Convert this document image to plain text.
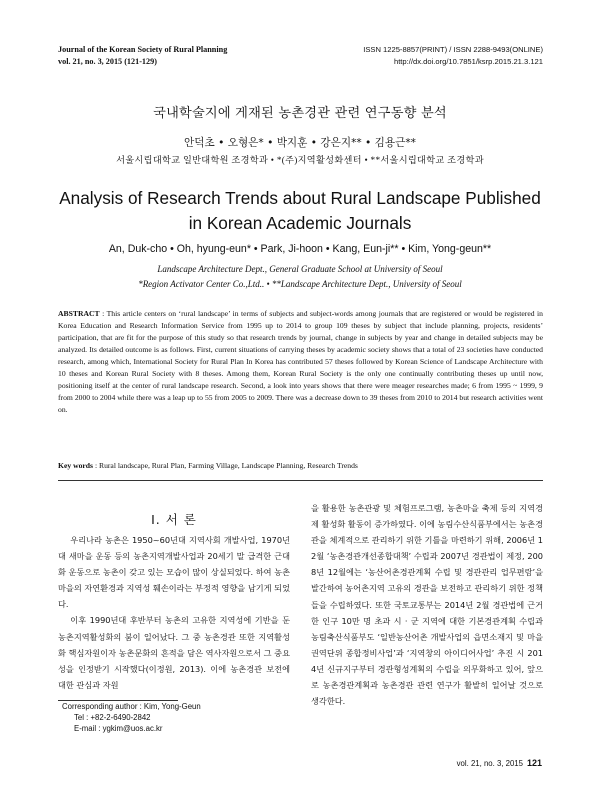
Journal of the Korean Society of Rural Planning
vol. 21, no. 3, 2015 (121-129)
ISSN 1225-8857(PRINT) / ISSN 2288-9493(ONLINE)
http://dx.doi.org/10.7851/ksrp.2015.21.3.121
국내학술지에 게재된 농촌경관 관련 연구동향 분석
안덕초 • 오형은* • 박지훈 • 강은지** • 김용근**
서울시립대학교 일반대학원 조경학과 • *(주)지역활성화센터 • **서울시립대학교 조경학과
Analysis of Research Trends about Rural Landscape Published
in Korean Academic Journals
An, Duk-cho • Oh, hyung-eun* • Park, Ji-hoon • Kang, Eun-ji** • Kim, Yong-geun**
Landscape Architecture Dept., General Graduate School at University of Seoul
*Region Activator Center Co.,Ltd.. • **Landscape Architecture Dept., University of Seoul
ABSTRACT : This article centers on ‘rural landscape’ in terms of subjects and subject-words among journals that are registered or would be registered in Korea Education and Research Information Service from 1995 up to 2014 to group 109 theses by subject that include planning, projects, residents’ participation, that are fit for the purpose of this study so that research trends by journal, change in subjects by year and change in detailed subjects may be analyzed. Its detailed outcome is as follows. First, current situations of carrying theses by academic society shows that a total of 23 societies have conducted research, among which, International Society for Rural Plan In Korea has contributed 57 theses followed by Korean Science of Landscape Architecture with 10 theses and Korean Rural Society with 8 theses. Among them, Korean Rural Society is the only one continually contributing theses up until now, positioning itself at the center of rural landscape research. Second, a look into years shows that there were meager researches made; 6 from 1995 ~ 1999, 9 from 2000 to 2004 while there was a leap up to 55 from 2005 to 2009. There was a decrease down to 39 theses from 2010 to 2014 but research activities went on.
Key words : Rural landscape, Rural Plan, Farming Village, Landscape Planning, Research Trends
I. 서 론

우리나라 농촌은 1950~60년대 지역사회 개발사업, 1970년대 새마을 운동 등의 농촌지역개발사업과 20세기 말 급격한 근대화 운동으로 농촌이 갖고 있는 모습이 많이 상실되었다. 하여 농촌마을의 자연환경과 지역성 훼손이라는 부정적 영향을 남기게 되었다.

이후 1990년대 후반부터 농촌의 고유한 지역성에 기반을 둔 농촌지역활성화의 붐이 일어났다. 그 중 농촌경관 또한 지역활성화 핵심자원이자 농촌문화의 흔적을 담은 역사자원으로서 그 중요성을 인정받기 시작했다(이정원, 2013). 이에 농촌경관 보전에 대한 관심과 자원

을 활용한 농촌관광 및 체험프로그램, 농촌마을 축제 등의 지역경제 활성화 활동이 증가하였다. 이에 농림수산식품부에서는 농촌경관을 체계적으로 관리하기 위한 기틀을 마련하기 위해, 2006년 12월 ‘농촌경관개선종합대책’ 수립과 2007년 경관법이 제정, 2008년 12월에는 ‘농산어촌경관계획 수립 및 경관관리 업무편람’을 발간하여 농어촌지역 고유의 경관을 보전하고 관리하기 위한 정책들을 수립하였다. 또한 국토교통부는 2014년 2월 경관법에 근거한 인구 10만 명 초과 시 · 군 지역에 대한 기본경관계획 수립과 농림축산식품부도 ‘일반농산어촌 개발사업의 읍면소재지 및 마을권역단위 종합정비사업’과 ‘지역창의 아이디어사업’ 추진 시 2014년 신규지구부터 경관형성계획의 수립을 의무화하고 있어, 앞으로 농촌경관계획과 농촌경관 관련 연구가 활발히 일어날 것으로 생각한다.

Corresponding author : Kim, Yong-Geun
Tel : +82-2-6490-2842
E-mail : ygkim@uos.ac.kr
vol. 21, no. 3, 2015 121
